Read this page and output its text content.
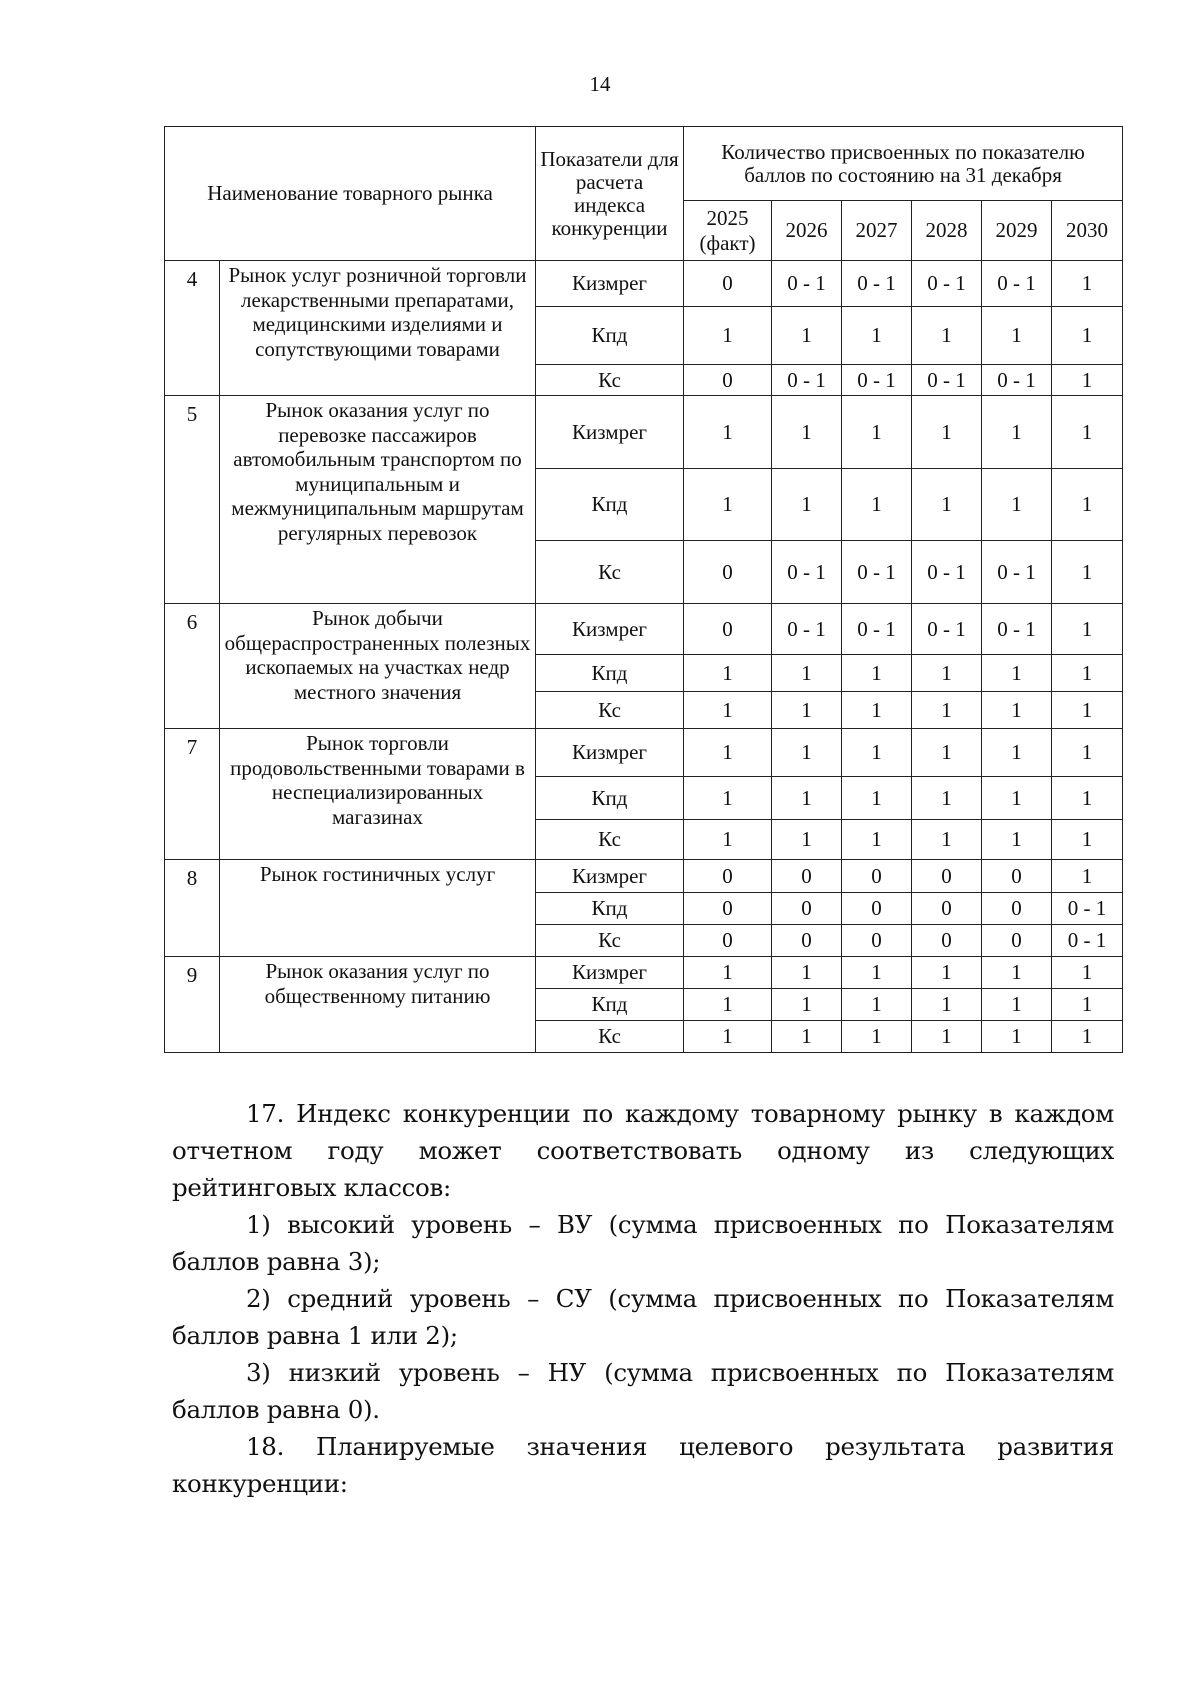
14
Наименование товарного рынка		Показатели для расчета индекса конкуренции	Количество присвоенных по показателю баллов по состоянию на 31 декабря					
			2025 (факт)	2026	2027	2028	2029	2030
4	Рынок услуг розничной торговли лекарственными препаратами, медицинскими изделиями и сопутствующими товарами	Кизмрег	0	0 - 1	0 - 1	0 - 1	0 - 1	1
		Кпд	1	1	1	1	1	1
		Кс	0	0 - 1	0 - 1	0 - 1	0 - 1	1
5	Рынок оказания услуг по перевозке пассажиров автомобильным транспортом по муниципальным и межмуниципальным маршрутам регулярных перевозок	Кизмрег	1	1	1	1	1	1
		Кпд	1	1	1	1	1	1
		Кс	0	0 - 1	0 - 1	0 - 1	0 - 1	1
6	Рынок добычи общераспространенных полезных ископаемых на участках недр местного значения	Кизмрег	0	0 - 1	0 - 1	0 - 1	0 - 1	1
		Кпд	1	1	1	1	1	1
		Кс	1	1	1	1	1	1
7	Рынок торговли продовольственными товарами в неспециализированных магазинах	Кизмрег	1	1	1	1	1	1
		Кпд	1	1	1	1	1	1
		Кс	1	1	1	1	1	1
8	Рынок гостиничных услуг	Кизмрег	0	0	0	0	0	1
		Кпд	0	0	0	0	0	0 - 1
		Кс	0	0	0	0	0	0 - 1
9	Рынок оказания услуг по общественному питанию	Кизмрег	1	1	1	1	1	1
		Кпд	1	1	1	1	1	1
		Кс	1	1	1	1	1	1

17. Индекс конкуренции по каждому товарному рынку в каждом отчетном году может соответствовать одному из следующих рейтинговых классов:

1) высокий уровень – ВУ (сумма присвоенных по Показателям баллов равна 3);

2) средний уровень – СУ (сумма присвоенных по Показателям баллов равна 1 или 2);

3) низкий уровень – НУ (сумма присвоенных по Показателям баллов равна 0).

18. Планируемые значения целевого результата развития конкуренции:
